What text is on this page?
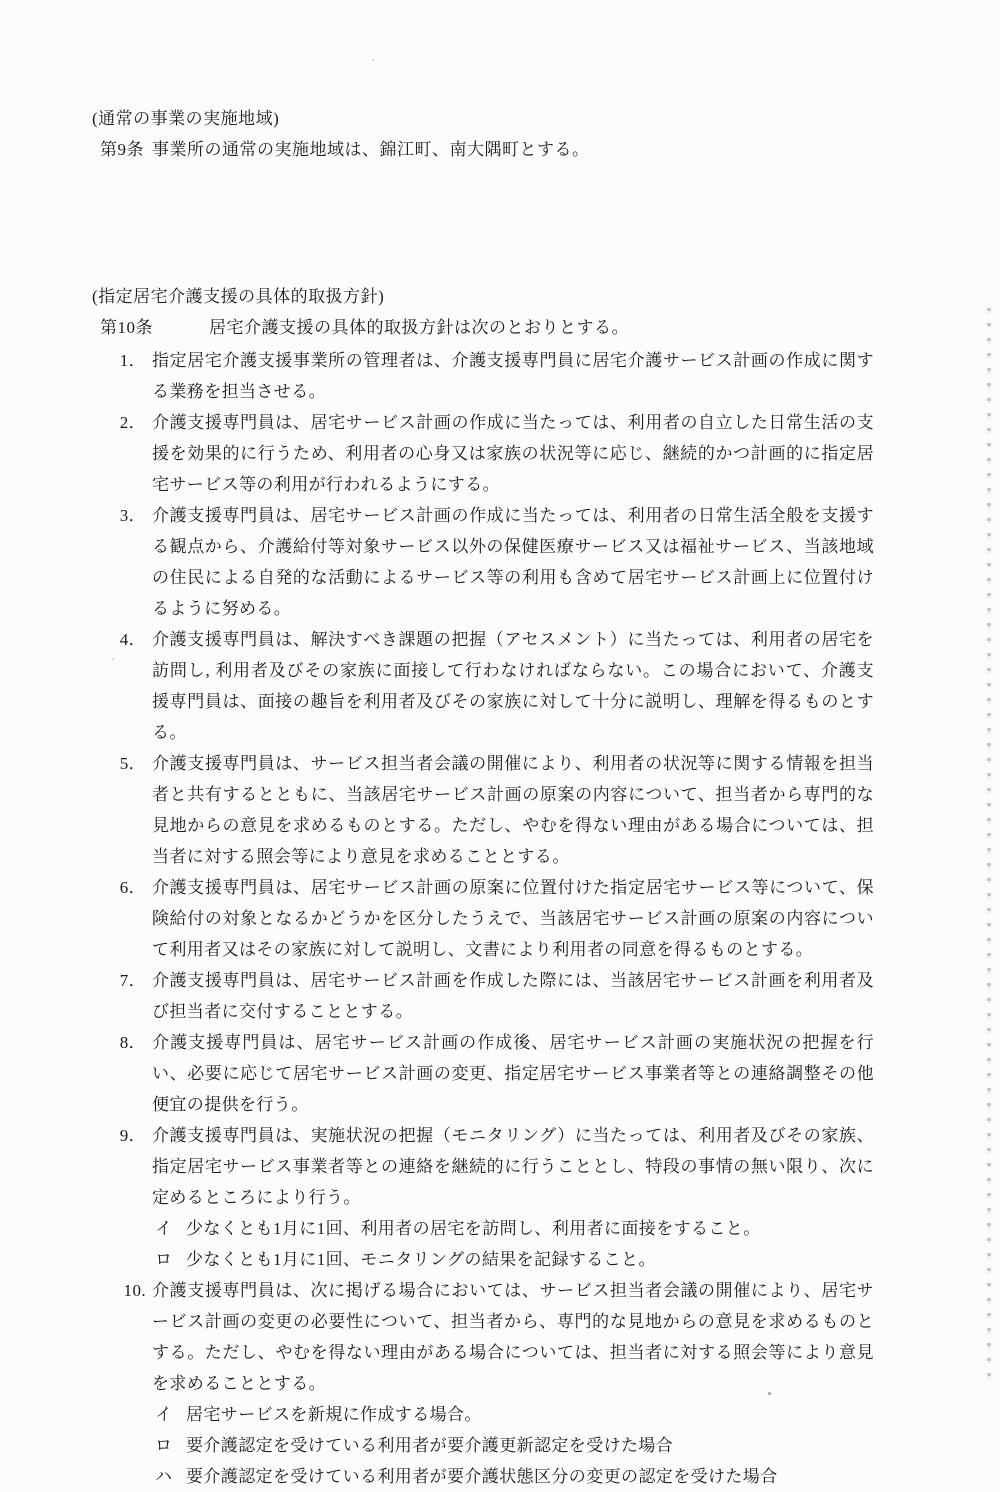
(通常の事業の実施地域)
第9条 事業所の通常の実施地域は、錦江町、南大隅町とする。
(指定居宅介護支援の具体的取扱方針)
第10条	居宅介護支援の具体的取扱方針は次のとおりとする。
1． 指定居宅介護支援事業所の管理者は、介護支援専門員に居宅介護サービス計画の作成に関する業務を担当させる。
2． 介護支援専門員は、居宅サービス計画の作成に当たっては、利用者の自立した日常生活の支援を効果的に行うため、利用者の心身又は家族の状況等に応じ、継続的かつ計画的に指定居宅サービス等の利用が行われるようにする。
3． 介護支援専門員は、居宅サービス計画の作成に当たっては、利用者の日常生活全般を支援する観点から、介護給付等対象サービス以外の保健医療サービス又は福祉サービス、当該地域の住民による自発的な活動によるサービス等の利用も含めて居宅サービス計画上に位置付けるように努める。
4． 介護支援専門員は、解決すべき課題の把握（アセスメント）に当たっては、利用者の居宅を訪問し, 利用者及びその家族に面接して行わなければならない。この場合において、介護支援専門員は、面接の趣旨を利用者及びその家族に対して十分に説明し、理解を得るものとする。
5． 介護支援専門員は、サービス担当者会議の開催により、利用者の状況等に関する情報を担当者と共有するとともに、当該居宅サービス計画の原案の内容について、担当者から専門的な見地からの意見を求めるものとする。ただし、やむを得ない理由がある場合については、担当者に対する照会等により意見を求めることとする。
6． 介護支援専門員は、居宅サービス計画の原案に位置付けた指定居宅サービス等について、保険給付の対象となるかどうかを区分したうえで、当該居宅サービス計画の原案の内容について利用者又はその家族に対して説明し、文書により利用者の同意を得るものとする。
7． 介護支援専門員は、居宅サービス計画を作成した際には、当該居宅サービス計画を利用者及び担当者に交付することとする。
8． 介護支援専門員は、居宅サービス計画の作成後、居宅サービス計画の実施状況の把握を行い、必要に応じて居宅サービス計画の変更、指定居宅サービス事業者等との連絡調整その他便宜の提供を行う。
9． 介護支援専門員は、実施状況の把握（モニタリング）に当たっては、利用者及びその家族、指定居宅サービス事業者等との連絡を継続的に行うこととし、特段の事情の無い限り、次に定めるところにより行う。
イ 少なくとも1月に1回、利用者の居宅を訪問し、利用者に面接をすること。
ロ 少なくとも1月に1回、モニタリングの結果を記録すること。
10. 介護支援専門員は、次に掲げる場合においては、サービス担当者会議の開催により、居宅サービス計画の変更の必要性について、担当者から、専門的な見地からの意見を求めるものとする。ただし、やむを得ない理由がある場合については、担当者に対する照会等により意見を求めることとする。
イ 居宅サービスを新規に作成する場合。
ロ 要介護認定を受けている利用者が要介護更新認定を受けた場合
ハ 要介護認定を受けている利用者が要介護状態区分の変更の認定を受けた場合
